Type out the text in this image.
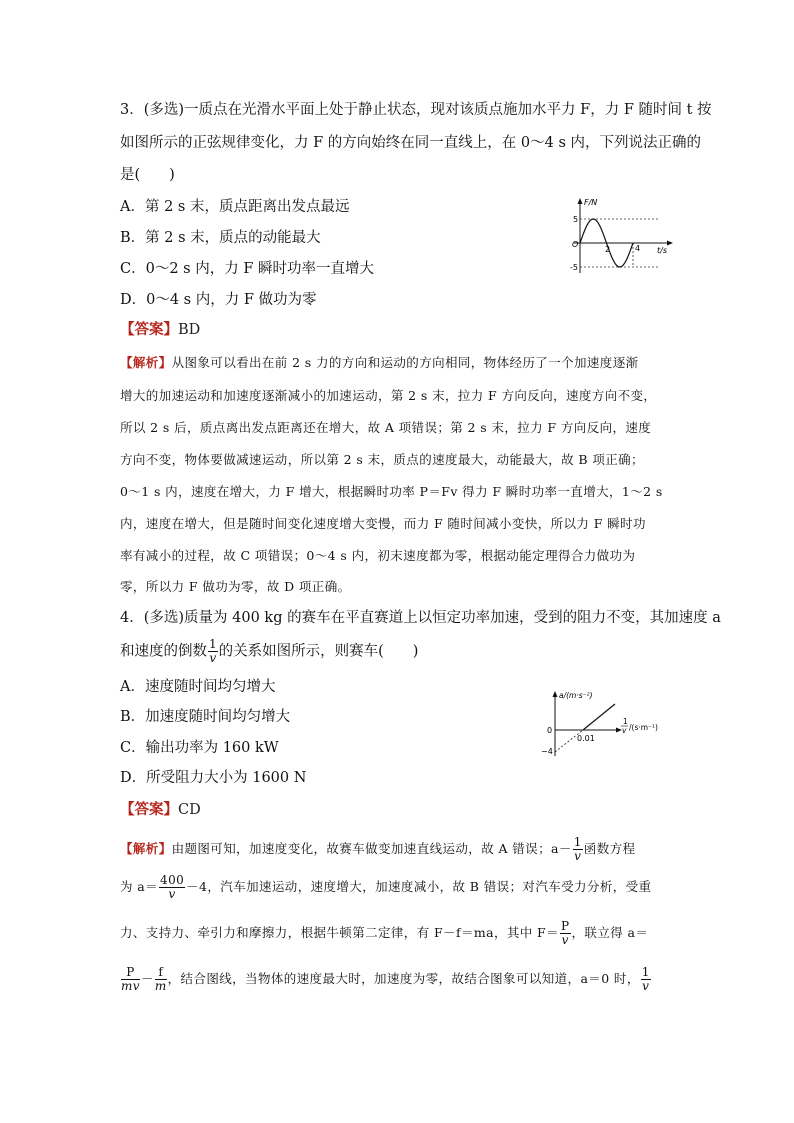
3．(多选)一质点在光滑水平面上处于静止状态，现对该质点施加水平力 F，力 F 随时间 t 按
如图所示的正弦规律变化，力 F 的方向始终在同一直线上，在 0～4 s 内，下列说法正确的
是(　　)
A．第 2 s 末，质点距离出发点最远
B．第 2 s 末，质点的动能最大
C．0～2 s 内，力 F 瞬时功率一直增大
D．0～4 s 内，力 F 做功为零
F/N
O
5
-5
2	4 t/s
【答案】BD
【解析】从图象可以看出在前 2 s 力的方向和运动的方向相同，物体经历了一个加速度逐渐
增大的加速运动和加速度逐渐减小的加速运动，第 2 s 末，拉力 F 方向反向，速度方向不变，
所以 2 s 后，质点离出发点距离还在增大，故 A 项错误；第 2 s 末，拉力 F 方向反向，速度
方向不变，物体要做减速运动，所以第 2 s 末，质点的速度最大，动能最大，故 B 项正确；
0～1 s 内，速度在增大，力 F 增大，根据瞬时功率 P＝Fv 得力 F 瞬时功率一直增大，1～2 s
内，速度在增大，但是随时间变化速度增大变慢，而力 F 随时间减小变快，所以力 F 瞬时功
率有减小的过程，故 C 项错误；0～4 s 内，初末速度都为零，根据动能定理得合力做功为
零，所以力 F 做功为零，故 D 项正确。
4．(多选)质量为 400 kg 的赛车在平直赛道上以恒定功率加速，受到的阻力不变，其加速度 a
和速度的倒数 $\frac{1}{v}$ 的关系如图所示，则赛车(　　)
A．速度随时间均匀增大
B．加速度随时间均匀增大
C．输出功率为 160 kW
D．所受阻力大小为 1600 N
a/(m·s⁻²)
0
−4
0.01
1
v /(s·m⁻¹)
【答案】CD
【解析】由题图可知，加速度变化，故赛车做变加速直线运动，故 A 错误；$a- \frac{1}{v}$ 函数方程
为 $a= \frac{400}{v} -4$，汽车加速运动，速度增大，加速度减小，故 B 错误；对汽车受力分析，受重
力、支持力、牵引力和摩擦力，根据牛顿第二定律，有 F－f＝ma，其中 $F= \frac{P}{v}$ ，联立得 a＝
$\frac{P}{mv} - \frac{f}{m}$ ，结合图线，当物体的速度最大时，加速度为零，故结合图象可以知道，a＝0 时， $\frac{1}{v}$
